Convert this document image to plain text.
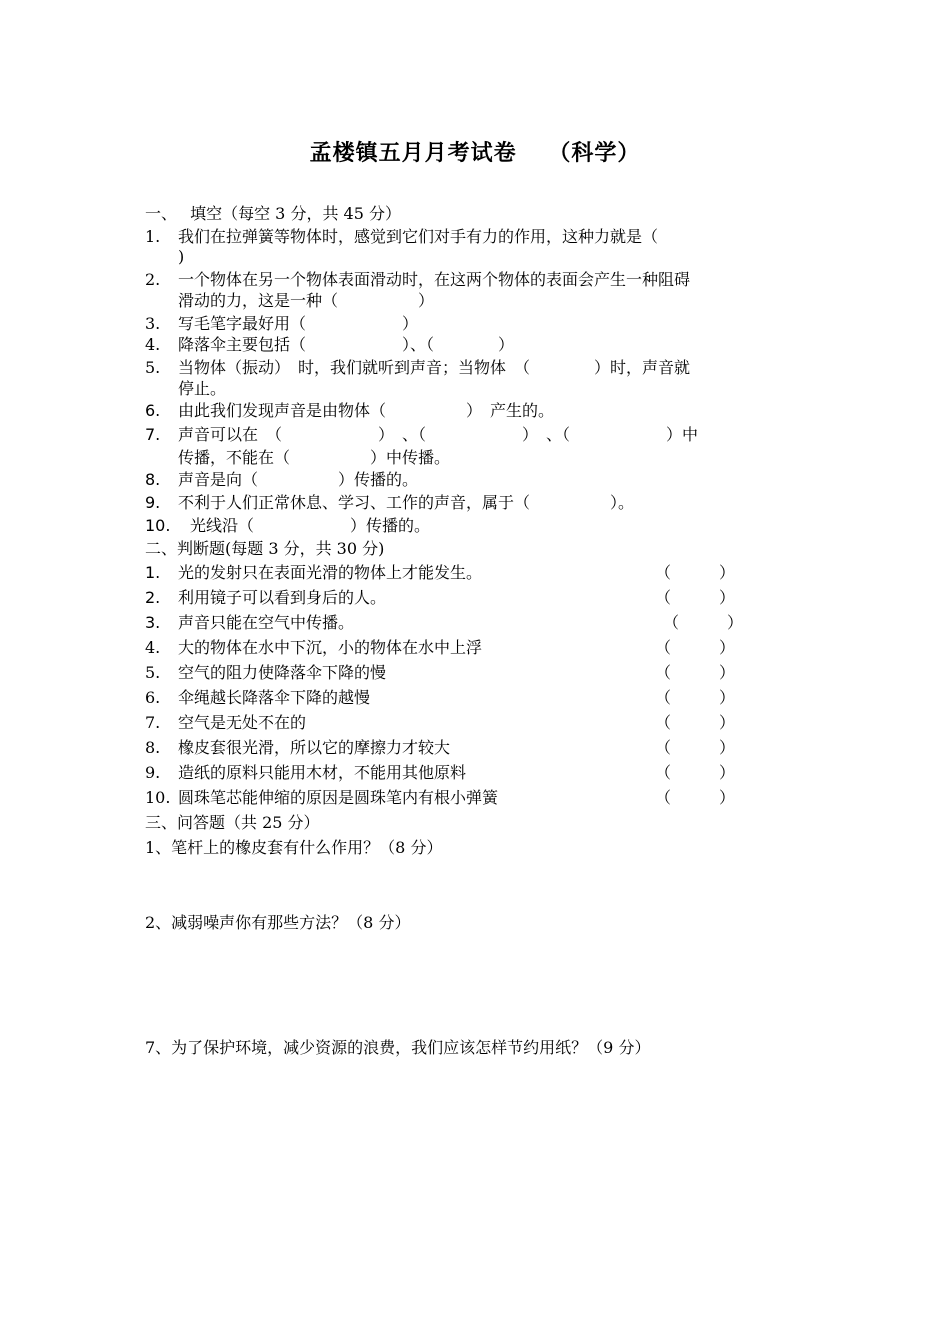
孟楼镇五月月考试卷　 （科学）
一、　 填空（每空 3 分，共 45 分）
1. 我们在拉弹簧等物体时，感觉到它们对手有力的作用，这种力就是（
)
2. 一个物体在另一个物体表面滑动时，在这两个物体的表面会产生一种阻碍
滑动的力，这是一种（　　　　　）
3. 写毛笔字最好用（　　　　　　）
4. 降落伞主要包括（　　　　　　）、（　　　　）
5. 当物体（振动）　时，我们就听到声音；当物体　（　　　　）时，声音就
停止。
6. 由此我们发现声音是由物体（　　　　　）　产生的。
7. 声音可以在　（　　　　　　）　、（　　　　　　）　、（　　　　　　）中
传播，不能在（　　　　　）中传播。
8. 声音是向（　　　　　）传播的。
9. 不利于人们正常休息、学习、工作的声音，属于（　　　　　）。
10. 光线沿（　　　　　　）传播的。
二、判断题(每题 3 分，共 30 分)
1. 光的发射只在表面光滑的物体上才能发生。	（　　　）
2. 利用镜子可以看到身后的人。	（　　　）
3. 声音只能在空气中传播。	（　　　）
4. 大的物体在水中下沉，小的物体在水中上浮	（　　　）
5. 空气的阻力使降落伞下降的慢	（　　　）
6. 伞绳越长降落伞下降的越慢	（　　　）
7. 空气是无处不在的	（　　　）
8. 橡皮套很光滑，所以它的摩擦力才较大	（　　　）
9. 造纸的原料只能用木材，不能用其他原料	（　　　）
10. 圆珠笔芯能伸缩的原因是圆珠笔内有根小弹簧	（　　　）
三、问答题（共 25 分）
1、笔杆上的橡皮套有什么作用？（8 分）
2、减弱噪声你有那些方法？（8 分）
7、为了保护环境，减少资源的浪费，我们应该怎样节约用纸？（9 分）
